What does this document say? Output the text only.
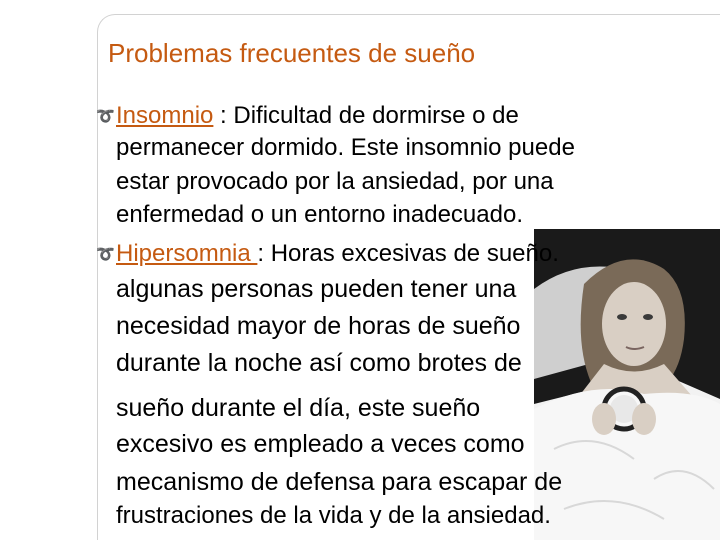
Problemas frecuentes de sueño
➰ Insomnio : Dificultad de dormirse o de
permanecer dormido. Este insomnio puede
estar provocado por la ansiedad, por una
enfermedad o un entorno inadecuado.
➰ Hipersomnia : Horas excesivas de sueño.
algunas personas pueden tener una
necesidad mayor de horas de sueño
durante la noche así como brotes de
sueño durante el día, este sueño
excesivo es empleado a veces como
mecanismo de defensa para escapar de
frustraciones de la vida y de la ansiedad.
